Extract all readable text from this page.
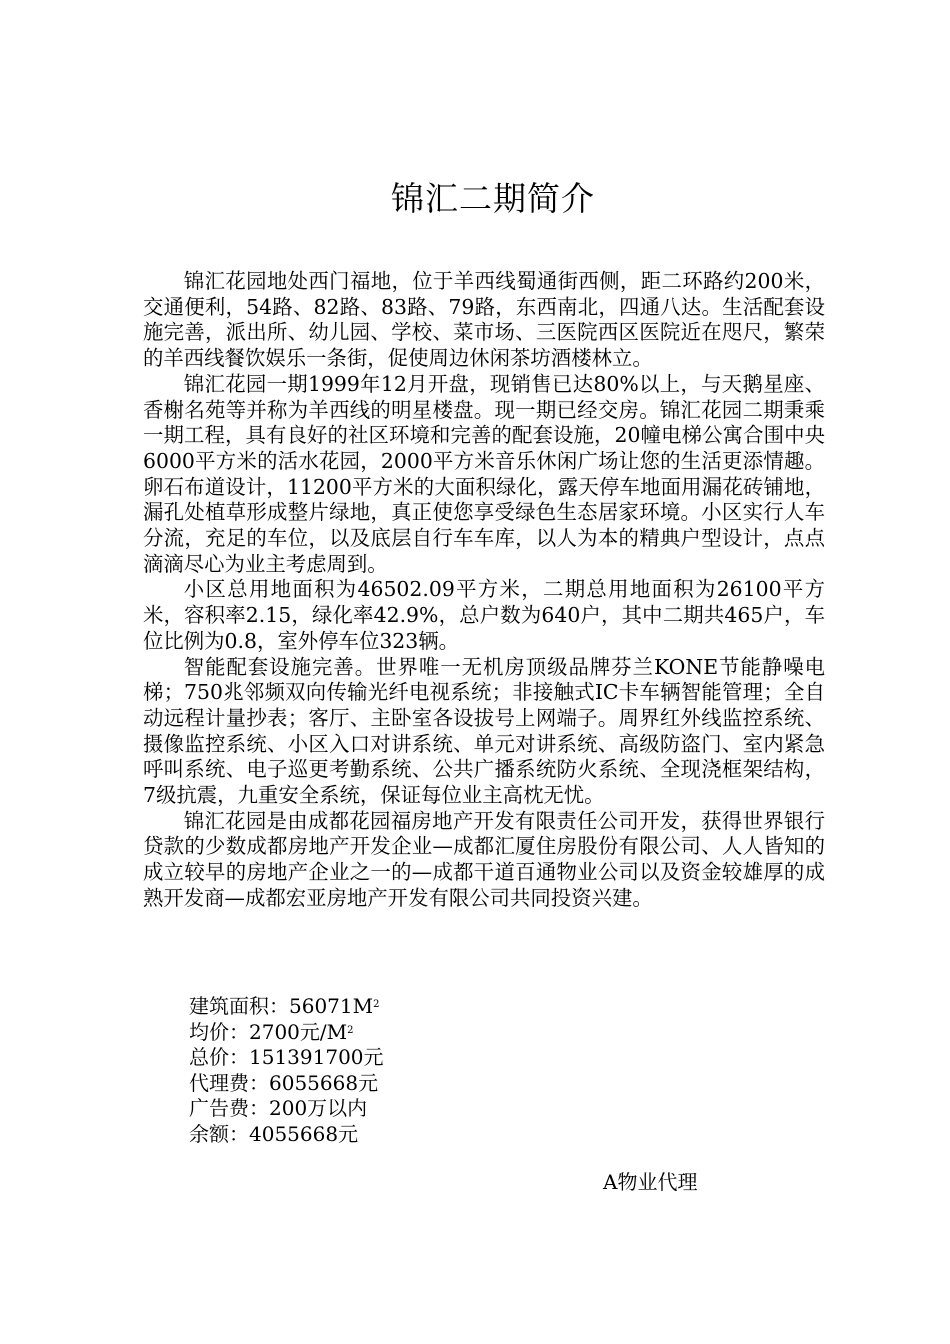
锦汇二期简介

锦汇花园地处西门福地，位于羊西线蜀通街西侧，距二环路约200米，交通便利，54路、82路、83路、79路，东西南北，四通八达。生活配套设施完善，派出所、幼儿园、学校、菜市场、三医院西区医院近在咫尺，繁荣的羊西线餐饮娱乐一条街，促使周边休闲茶坊酒楼林立。

锦汇花园一期1999年12月开盘，现销售已达80%以上，与天鹅星座、香榭名苑等并称为羊西线的明星楼盘。现一期已经交房。锦汇花园二期秉乘一期工程，具有良好的社区环境和完善的配套设施，20幢电梯公寓合围中央6000平方米的活水花园，2000平方米音乐休闲广场让您的生活更添情趣。卵石布道设计，11200平方米的大面积绿化，露天停车地面用漏花砖铺地，漏孔处植草形成整片绿地，真正使您享受绿色生态居家环境。小区实行人车分流，充足的车位，以及底层自行车车库，以人为本的精典户型设计，点点滴滴尽心为业主考虑周到。

小区总用地面积为46502.09平方米，二期总用地面积为26100平方米，容积率2.15，绿化率42.9%，总户数为640户，其中二期共465户，车位比例为0.8，室外停车位323辆。

智能配套设施完善。世界唯一无机房顶级品牌芬兰KONE节能静噪电梯；750兆邻频双向传输光纤电视系统；非接触式IC卡车辆智能管理；全自动远程计量抄表；客厅、主卧室各设拔号上网端子。周界红外线监控系统、摄像监控系统、小区入口对讲系统、单元对讲系统、高级防盗门、室内紧急呼叫系统、电子巡更考勤系统、公共广播系统防火系统、全现浇框架结构，7级抗震，九重安全系统，保证每位业主高枕无忧。

锦汇花园是由成都花园福房地产开发有限责任公司开发，获得世界银行贷款的少数成都房地产开发企业—成都汇厦住房股份有限公司、人人皆知的成立较早的房地产企业之一的—成都干道百通物业公司以及资金较雄厚的成熟开发商—成都宏亚房地产开发有限公司共同投资兴建。

建筑面积：$56071M^2$
均价：2700元$/M^2$
总价：151391700元
代理费：6055668元
广告费：200万以内
余额：4055668元
A物业代理
